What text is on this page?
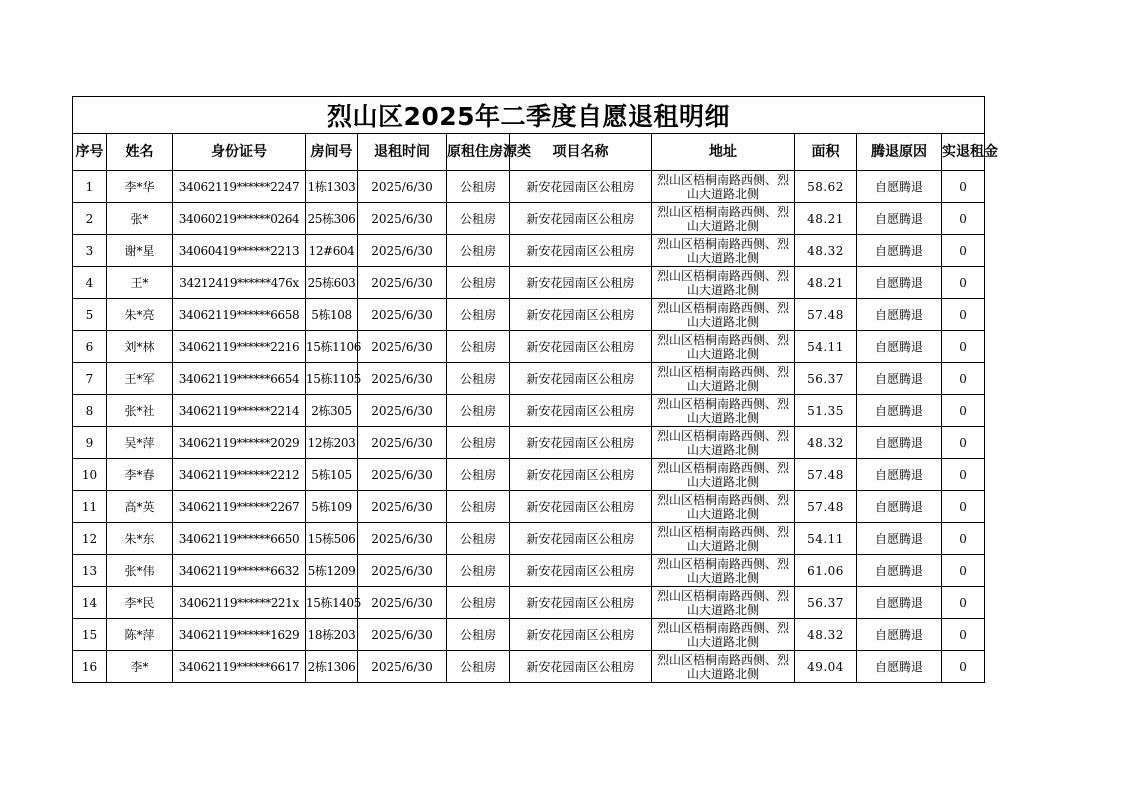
烈山区2025年二季度自愿退租明细										
序号	姓名	身份证号	房间号	退租时间	原租住房源类	项目名称	地址	面积	腾退原因	实退租金
1	李*华	34062119******2247	1栋1303	2025/6/30	公租房	新安花园南区公租房	烈山区梧桐南路西侧、烈山大道路北侧	58.62	自愿腾退	0
2	张*	34060219******0264	25栋306	2025/6/30	公租房	新安花园南区公租房	烈山区梧桐南路西侧、烈山大道路北侧	48.21	自愿腾退	0
3	谢*星	34060419******2213	12#604	2025/6/30	公租房	新安花园南区公租房	烈山区梧桐南路西侧、烈山大道路北侧	48.32	自愿腾退	0
4	王*	34212419******476x	25栋603	2025/6/30	公租房	新安花园南区公租房	烈山区梧桐南路西侧、烈山大道路北侧	48.21	自愿腾退	0
5	朱*亮	34062119******6658	5栋108	2025/6/30	公租房	新安花园南区公租房	烈山区梧桐南路西侧、烈山大道路北侧	57.48	自愿腾退	0
6	刘*林	34062119******2216	15栋1106	2025/6/30	公租房	新安花园南区公租房	烈山区梧桐南路西侧、烈山大道路北侧	54.11	自愿腾退	0
7	王*军	34062119******6654	15栋1105	2025/6/30	公租房	新安花园南区公租房	烈山区梧桐南路西侧、烈山大道路北侧	56.37	自愿腾退	0
8	张*社	34062119******2214	2栋305	2025/6/30	公租房	新安花园南区公租房	烈山区梧桐南路西侧、烈山大道路北侧	51.35	自愿腾退	0
9	吴*萍	34062119******2029	12栋203	2025/6/30	公租房	新安花园南区公租房	烈山区梧桐南路西侧、烈山大道路北侧	48.32	自愿腾退	0
10	李*春	34062119******2212	5栋105	2025/6/30	公租房	新安花园南区公租房	烈山区梧桐南路西侧、烈山大道路北侧	57.48	自愿腾退	0
11	高*英	34062119******2267	5栋109	2025/6/30	公租房	新安花园南区公租房	烈山区梧桐南路西侧、烈山大道路北侧	57.48	自愿腾退	0
12	朱*东	34062119******6650	15栋506	2025/6/30	公租房	新安花园南区公租房	烈山区梧桐南路西侧、烈山大道路北侧	54.11	自愿腾退	0
13	张*伟	34062119******6632	5栋1209	2025/6/30	公租房	新安花园南区公租房	烈山区梧桐南路西侧、烈山大道路北侧	61.06	自愿腾退	0
14	李*民	34062119******221x	15栋1405	2025/6/30	公租房	新安花园南区公租房	烈山区梧桐南路西侧、烈山大道路北侧	56.37	自愿腾退	0
15	陈*萍	34062119******1629	18栋203	2025/6/30	公租房	新安花园南区公租房	烈山区梧桐南路西侧、烈山大道路北侧	48.32	自愿腾退	0
16	李*	34062119******6617	2栋1306	2025/6/30	公租房	新安花园南区公租房	烈山区梧桐南路西侧、烈山大道路北侧	49.04	自愿腾退	0
